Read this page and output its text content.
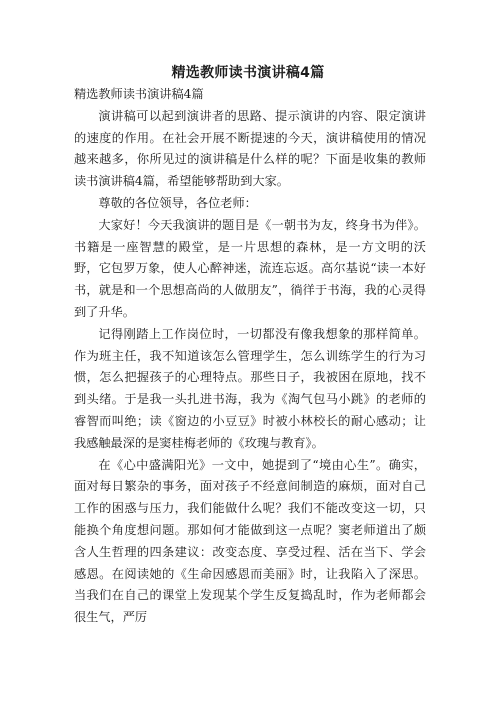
精选教师读书演讲稿4篇

精选教师读书演讲稿4篇

演讲稿可以起到演讲者的思路、提示演讲的内容、限定演讲的速度的作用。在社会开展不断提速的今天，演讲稿使用的情况越来越多，你所见过的演讲稿是什么样的呢？下面是收集的教师读书演讲稿4篇，希望能够帮助到大家。

尊敬的各位领导，各位老师：

大家好！今天我演讲的题目是《一朝书为友，终身书为伴》。书籍是一座智慧的殿堂，是一片思想的森林，是一方文明的沃野，它包罗万象，使人心醉神迷，流连忘返。高尔基说“读一本好书，就是和一个思想高尚的人做朋友”，徜徉于书海，我的心灵得到了升华。

记得刚踏上工作岗位时，一切都没有像我想象的那样简单。作为班主任，我不知道该怎么管理学生，怎么训练学生的行为习惯，怎么把握孩子的心理特点。那些日子，我被困在原地，找不到头绪。于是我一头扎进书海，我为《淘气包马小跳》的老师的睿智而叫绝；读《窗边的小豆豆》时被小林校长的耐心感动；让我感触最深的是窦桂梅老师的《玫瑰与教育》。

在《心中盛满阳光》一文中，她提到了“境由心生”。确实，面对每日繁杂的事务，面对孩子不经意间制造的麻烦，面对自己工作的困惑与压力，我们能做什么呢？我们不能改变这一切，只能换个角度想问题。那如何才能做到这一点呢？窦老师道出了颇含人生哲理的四条建议：改变态度、享受过程、活在当下、学会感恩。在阅读她的《生命因感恩而美丽》时，让我陷入了深思。当我们在自己的课堂上发现某个学生反复捣乱时，作为老师都会很生气，严厉
